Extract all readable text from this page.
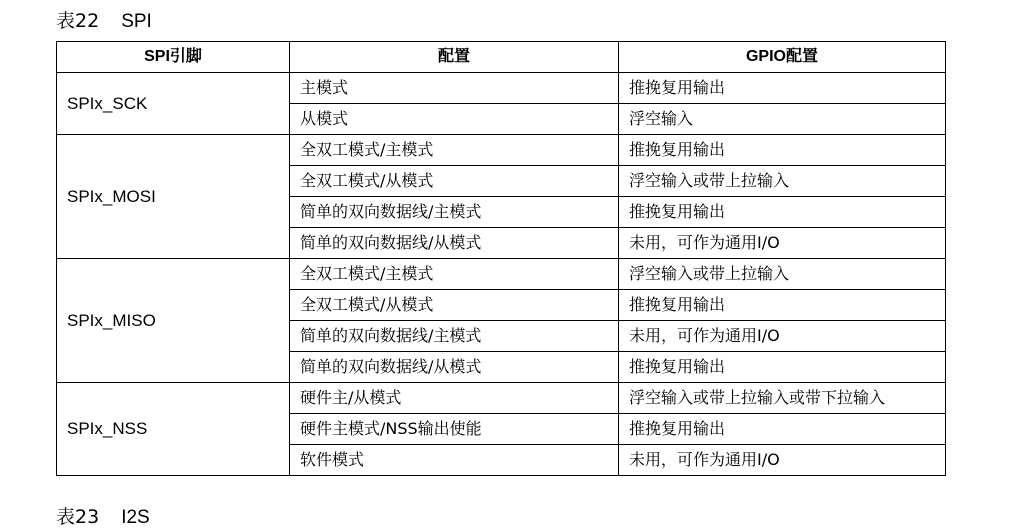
表22 SPI
SPI引脚	配置	GPIO配置
SPIx_SCK	主模式	推挽复用输出
	从模式	浮空输入
SPIx_MOSI	全双工模式/主模式	推挽复用输出
	全双工模式/从模式	浮空输入或带上拉输入
	简单的双向数据线/主模式	推挽复用输出
	简单的双向数据线/从模式	未用，可作为通用I/O
SPIx_MISO	全双工模式/主模式	浮空输入或带上拉输入
	全双工模式/从模式	推挽复用输出
	简单的双向数据线/主模式	未用，可作为通用I/O
	简单的双向数据线/从模式	推挽复用输出
SPIx_NSS	硬件主/从模式	浮空输入或带上拉输入或带下拉输入
	硬件主模式/NSS输出使能	推挽复用输出
	软件模式	未用，可作为通用I/O
表23 I2S
